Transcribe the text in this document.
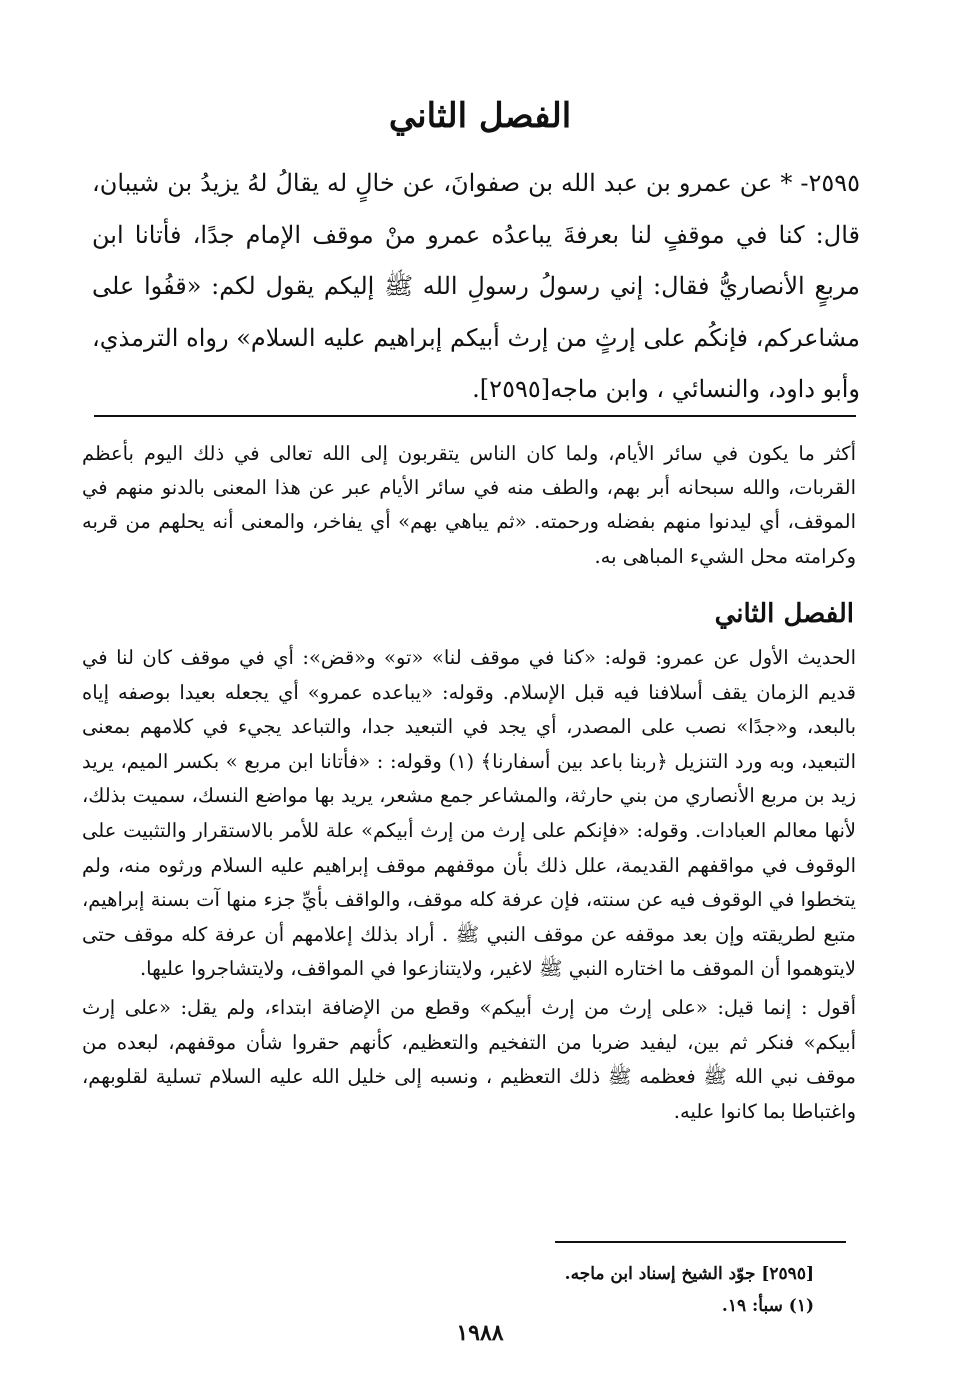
الفصل الثاني
٢٥٩٥- * عن عمرو بن عبد الله بن صفوانَ، عن خالٍ له يقالُ لهُ يزيدُ بن شيبان، قال: كنا في موقفٍ لنا بعرفةَ يباعدُه عمرو منْ موقف الإمام جدًا، فأتانا ابن مربعٍ الأنصاريُّ فقال: إني رسولُ رسولِ الله ﷺ إليكم يقول لكم: «قفُوا على مشاعركم، فإنكُم على إرثٍ من إرث أبيكم إبراهيم عليه السلام» رواه الترمذي، وأبو داود، والنسائي ، وابن ماجه[٢٥٩٥].
أكثر ما يكون في سائر الأيام، ولما كان الناس يتقربون إلى الله تعالى في ذلك اليوم بأعظم القربات، والله سبحانه أبر بهم، والطف منه في سائر الأيام عبر عن هذا المعنى بالدنو منهم في الموقف، أي ليدنوا منهم بفضله ورحمته. «ثم يباهي بهم» أي يفاخر، والمعنى أنه يحلهم من قربه وكرامته محل الشيء المباهى به.
الفصل الثاني

الحديث الأول عن عمرو: قوله: «كنا في موقف لنا» «تو» و«قض»: أي في موقف كان لنا في قديم الزمان يقف أسلافنا فيه قبل الإسلام. وقوله: «يباعده عمرو» أي يجعله بعيدا بوصفه إياه بالبعد، و«جدًا» نصب على المصدر، أي يجد في التبعيد جدا، والتباعد يجيء في كلامهم بمعنى التبعيد، وبه ورد التنزيل ﴿ربنا باعد بين أسفارنا﴾ (١) وقوله: : «فأتانا ابن مربع » بكسر الميم، يريد زيد بن مربع الأنصاري من بني حارثة، والمشاعر جمع مشعر، يريد بها مواضع النسك، سميت بذلك، لأنها معالم العبادات. وقوله: «فإنكم على إرث من إرث أبيكم» علة للأمر بالاستقرار والتثبيت على الوقوف في مواقفهم القديمة، علل ذلك بأن موقفهم موقف إبراهيم عليه السلام ورثوه منه، ولم يتخطوا في الوقوف فيه عن سنته، فإن عرفة كله موقف، والواقف بأيِّ جزء منها آت بسنة إبراهيم، متبع لطريقته وإن بعد موقفه عن موقف النبي ﷺ . أراد بذلك إعلامهم أن عرفة كله موقف حتى لايتوهموا أن الموقف ما اختاره النبي ﷺ لاغير، ولايتنازعوا في المواقف، ولايتشاجروا عليها.

أقول : إنما قيل: «على إرث من إرث أبيكم» وقطع من الإضافة ابتداء، ولم يقل: «على إرث أبيكم» فنكر ثم بين، ليفيد ضربا من التفخيم والتعظيم، كأنهم حقروا شأن موقفهم، لبعده من موقف نبي الله ﷺ فعظمه ﷺ ذلك التعظيم ، ونسبه إلى خليل الله عليه السلام تسلية لقلوبهم، واغتباطا بما كانوا عليه.

[٢٥٩٥] جوّد الشيخ إسناد ابن ماجه.
(١) سبأ: ١٩.
١٩٨٨
